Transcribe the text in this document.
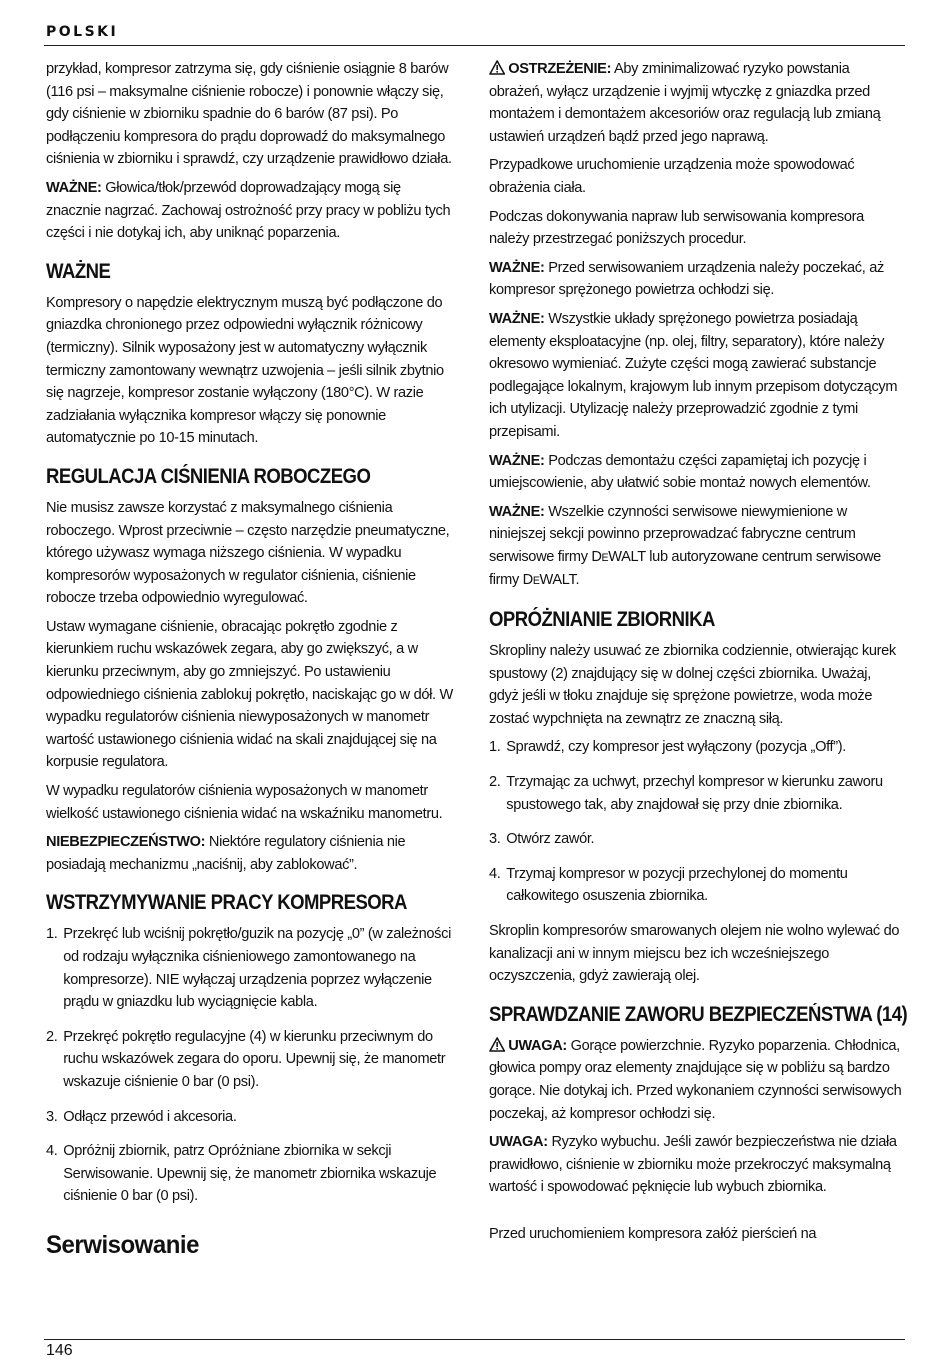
POLSKI

przykład, kompresor zatrzyma się, gdy ciśnienie osiągnie 8 barów (116 psi – maksymalne ciśnienie robocze) i ponownie włączy się, gdy ciśnienie w zbiorniku spadnie do 6 barów (87 psi). Po podłączeniu kompresora do prądu doprowadź do maksymalnego ciśnienia w zbiorniku i sprawdź, czy urządzenie prawidłowo działa.

WAŻNE: Głowica/tłok/przewód doprowadzający mogą się znacznie nagrzać. Zachowaj ostrożność przy pracy w pobliżu tych części i nie dotykaj ich, aby uniknąć poparzenia.

WAŻNE

Kompresory o napędzie elektrycznym muszą być podłączone do gniazdka chronionego przez odpowiedni wyłącznik różnicowy (termiczny). Silnik wyposażony jest w automatyczny wyłącznik termiczny zamontowany wewnątrz uzwojenia – jeśli silnik zbytnio się nagrzeje, kompresor zostanie wyłączony (180°C). W razie zadziałania wyłącznika kompresor włączy się ponownie automatycznie po 10-15 minutach.

REGULACJA CIŚNIENIA ROBOCZEGO

Nie musisz zawsze korzystać z maksymalnego ciśnienia roboczego. Wprost przeciwnie – często narzędzie pneumatyczne, którego używasz wymaga niższego ciśnienia. W wypadku kompresorów wyposażonych w regulator ciśnienia, ciśnienie robocze trzeba odpowiednio wyregulować.

Ustaw wymagane ciśnienie, obracając pokrętło zgodnie z kierunkiem ruchu wskazówek zegara, aby go zwiększyć, a w kierunku przeciwnym, aby go zmniejszyć. Po ustawieniu odpowiedniego ciśnienia zablokuj pokrętło, naciskając go w dół. W wypadku regulatorów ciśnienia niewyposażonych w manometr wartość ustawionego ciśnienia widać na skali znajdującej się na korpusie regulatora.

W wypadku regulatorów ciśnienia wyposażonych w manometr wielkość ustawionego ciśnienia widać na wskaźniku manometru.

NIEBEZPIECZEŃSTWO: Niektóre regulatory ciśnienia nie posiadają mechanizmu „naciśnij, aby zablokować”.

WSTRZYMYWANIE PRACY KOMPRESORA
1. Przekręć lub wciśnij pokrętło/guzik na pozycję „0” (w zależności od rodzaju wyłącznika ciśnieniowego zamontowanego na kompresorze). NIE wyłączaj urządzenia poprzez wyłączenie prądu w gniazdku lub wyciągnięcie kabla.
2. Przekręć pokrętło regulacyjne (4) w kierunku przeciwnym do ruchu wskazówek zegara do oporu. Upewnij się, że manometr wskazuje ciśnienie 0 bar (0 psi).
3. Odłącz przewód i akcesoria.
4. Opróżnij zbiornik, patrz Opróżniane zbiornika w sekcji Serwisowanie. Upewnij się, że manometr zbiornika wskazuje ciśnienie 0 bar (0 psi).
Serwisowanie

OSTRZEŻENIE: Aby zminimalizować ryzyko powstania obrażeń, wyłącz urządzenie i wyjmij wtyczkę z gniazdka przed montażem i demontażem akcesoriów oraz regulacją lub zmianą ustawień urządzeń bądź przed jego naprawą.

Przypadkowe uruchomienie urządzenia może spowodować obrażenia ciała.

Podczas dokonywania napraw lub serwisowania kompresora należy przestrzegać poniższych procedur.

WAŻNE: Przed serwisowaniem urządzenia należy poczekać, aż kompresor sprężonego powietrza ochłodzi się.

WAŻNE: Wszystkie układy sprężonego powietrza posiadają elementy eksploatacyjne (np. olej, filtry, separatory), które należy okresowo wymieniać. Zużyte części mogą zawierać substancje podlegające lokalnym, krajowym lub innym przepisom dotyczącym ich utylizacji. Utylizację należy przeprowadzić zgodnie z tymi przepisami.

WAŻNE: Podczas demontażu części zapamiętaj ich pozycję i umiejscowienie, aby ułatwić sobie montaż nowych elementów.

WAŻNE: Wszelkie czynności serwisowe niewymienione w niniejszej sekcji powinno przeprowadzać fabryczne centrum serwisowe firmy DEWALT lub autoryzowane centrum serwisowe firmy DEWALT.

OPRÓŻNIANIE ZBIORNIKA

Skropliny należy usuwać ze zbiornika codziennie, otwierając kurek spustowy (2) znajdujący się w dolnej części zbiornika. Uważaj, gdyż jeśli w tłoku znajduje się sprężone powietrze, woda może zostać wypchnięta na zewnątrz ze znaczną siłą.

1. Sprawdź, czy kompresor jest wyłączony (pozycja „Off”).
2. Trzymając za uchwyt, przechyl kompresor w kierunku zaworu spustowego tak, aby znajdował się przy dnie zbiornika.
3. Otwórz zawór.
4. Trzymaj kompresor w pozycji przechylonej do momentu całkowitego osuszenia zbiornika.

Skroplin kompresorów smarowanych olejem nie wolno wylewać do kanalizacji ani w innym miejscu bez ich wcześniejszego oczyszczenia, gdyż zawierają olej.

SPRAWDZANIE ZAWORU BEZPIECZEŃSTWA (14)

UWAGA: Gorące powierzchnie. Ryzyko poparzenia. Chłodnica, głowica pompy oraz elementy znajdujące się w pobliżu są bardzo gorące. Nie dotykaj ich. Przed wykonaniem czynności serwisowych poczekaj, aż kompresor ochłodzi się.

UWAGA: Ryzyko wybuchu. Jeśli zawór bezpieczeństwa nie działa prawidłowo, ciśnienie w zbiorniku może przekroczyć maksymalną wartość i spowodować pęknięcie lub wybuch zbiornika.

Przed uruchomieniem kompresora załóż pierścień na

146
